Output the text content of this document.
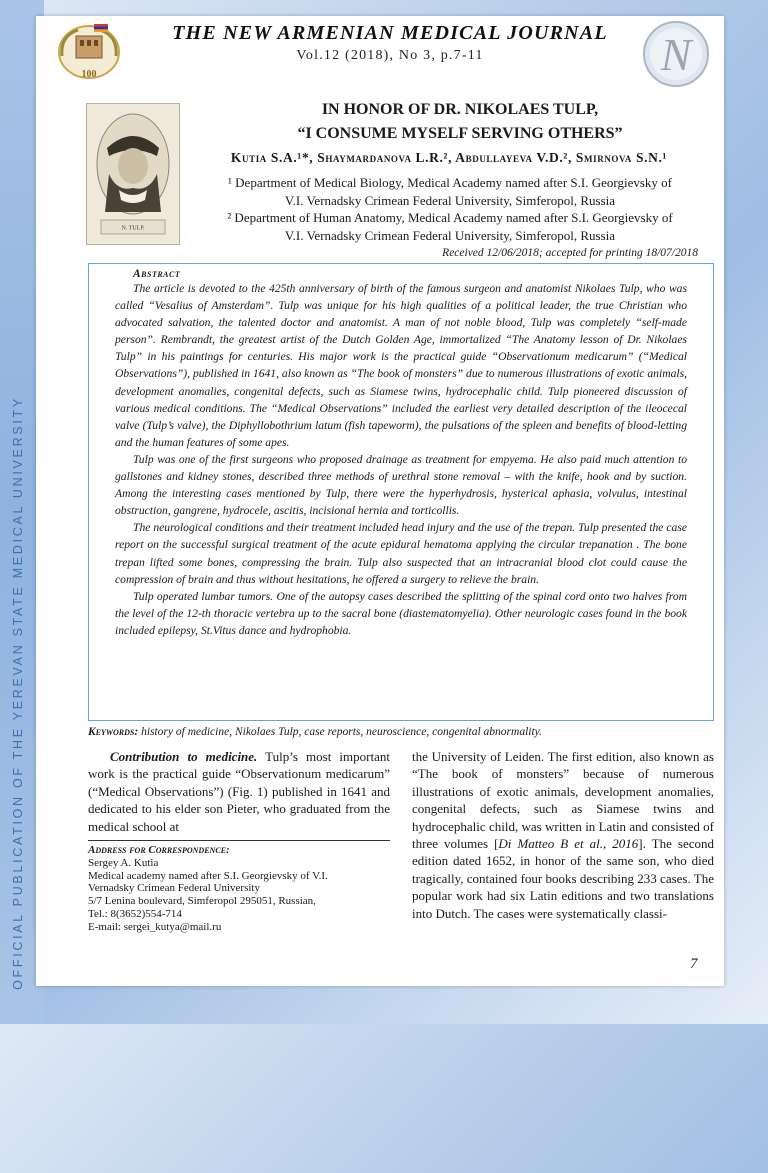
OFFICIAL PUBLICATION OF THE YEREVAN STATE MEDICAL UNIVERSITY
100	N
THE NEW ARMENIAN MEDICAL JOURNAL
Vol.12 (2018), No 3, p.7-11
N. TULP.
IN HONOR OF DR. NIKOLAES TULP,
“I CONSUME MYSELF SERVING OTHERS”
Kutia S.A.¹*, Shaymardanova L.R.², Abdullayeva V.D.², Smirnova S.N.¹
¹ Department of Medical Biology, Medical Academy named after S.I. Georgievsky of
V.I. Vernadsky Crimean Federal University, Simferopol, Russia
² Department of Human Anatomy, Medical Academy named after S.I. Georgievsky of
V.I. Vernadsky Crimean Federal University, Simferopol, Russia
Received 12/06/2018; accepted for printing 18/07/2018
Abstract

The article is devoted to the 425th anniversary of birth of the famous surgeon and anatomist Nikolaes Tulp, who was called “Vesalius of Amsterdam”. Tulp was unique for his high qualities of a political leader, the true Christian who advocated salvation, the talented doctor and anatomist. A man of not noble blood, Tulp was completely “self-made person”. Rembrandt, the greatest artist of the Dutch Golden Age, immortalized “The Anatomy lesson of Dr. Nikolaes Tulp” in his paintings for centuries. His major work is the practical guide “Observationum medicarum” (“Medical Observations”), published in 1641, also known as “The book of monsters” due to numerous illustrations of exotic animals, development anomalies, congenital defects, such as Siamese twins, hydrocephalic child. Tulp pioneered discussion of various medical conditions. The “Medical Observations” included the earliest very detailed description of the ileocecal valve (Tulp’s valve), the Diphyllobothrium latum (fish tapeworm), the pulsations of the spleen and benefits of blood-letting and the human features of some apes.

Tulp was one of the first surgeons who proposed drainage as treatment for empyema. He also paid much attention to gallstones and kidney stones, described three methods of urethral stone removal – with the knife, hook and by suction. Among the interesting cases mentioned by Tulp, there were the hyperhydrosis, hysterical aphasia, volvulus, intestinal obstruction, gangrene, hydrocele, ascitis, incisional hernia and torticollis.

The neurological conditions and their treatment included head injury and the use of the trepan. Tulp presented the case report on the successful surgical treatment of the acute epidural hematoma applying the circular trepanation . The bone trepan lifted some bones, compressing the brain. Tulp also suspected that an intracranial blood clot could cause the compression of brain and thus without hesitations, he offered a surgery to relieve the brain.

Tulp operated lumbar tumors. One of the autopsy cases described the splitting of the spinal cord onto two halves from the level of the 12-th thoracic vertebra up to the sacral bone (diastematomyelia). Other neurologic cases found in the book included epilepsy, St.Vitus dance and hydrophobia.

Keywords: history of medicine, Nikolaes Tulp, case reports, neuroscience, congenital abnormality.

Contribution to medicine. Tulp’s most important work is the practical guide “Observationum medicarum” (“Medical Observations”) (Fig. 1) published in 1641 and dedicated to his elder son Pieter, who graduated from the medical school at

Address for Correspondence:
Sergey A. Kutia
Medical academy named after S.I. Georgievsky of V.I.
Vernadsky Crimean Federal University
5/7 Lenina boulevard, Simferopol 295051, Russian,
Tel.: 8(3652)554-714
E-mail: sergei_kutya@mail.ru

the University of Leiden. The first edition, also known as “The book of monsters” because of numerous illustrations of exotic animals, development anomalies, congenital defects, such as Siamese twins and hydrocephalic child, was written in Latin and consisted of three volumes [Di Matteo B et al., 2016]. The second edition dated 1652, in honor of the same son, who died tragically, contained four books describing 233 cases. The popular work had six Latin editions and two translations into Dutch. The cases were systematically classi-

7
